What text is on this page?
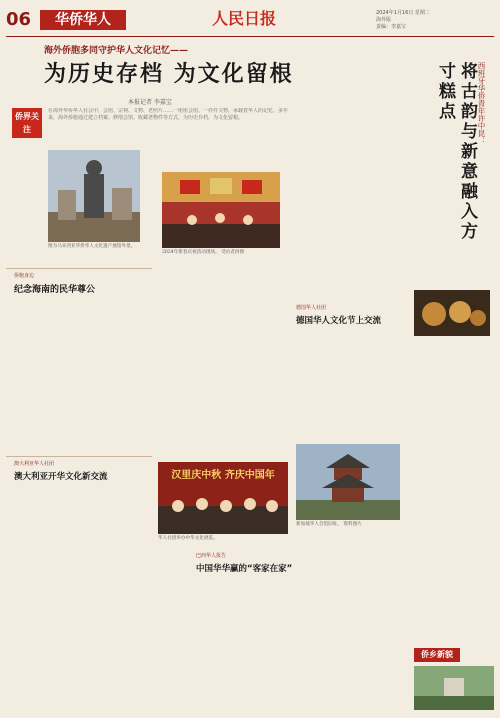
06	华侨华人	人民日报	2024年1月16日 星期二
海外版
责编：李嘉宝
海外侨胞多同守护华人文化记忆——
为历史存档 为文化留根
本报记者 李嘉宝
侨界关注
在海外华侨华人社会中，会馆、宗祠、文物、老照片……一座座会馆、一件件文物，承载着华人的记忆。多年来，海外侨胞通过建立档案、修缮会馆、收藏老物件等方式，为历史存档，为文化留根。
图为马来西亚华侨华人文化遗产展馆外景。
2024年新春庆祝活动现场。 受访者供图
西班牙华侨青年许中昆：
将古韵与新意融入方寸糕点
侨胞身边
纪念海南的民华尊公
德国华人社团
德国华人文化节上交流
新加坡华人会馆旧址。 资料图片
澳大利亚华人社团
澳大利亚开华文化新交流	汉里庆中秋 齐庆中国年
华人社团举办中华文化展览。
巴西华人报告
中国华华赢的“客家在家”
侨乡新貌
